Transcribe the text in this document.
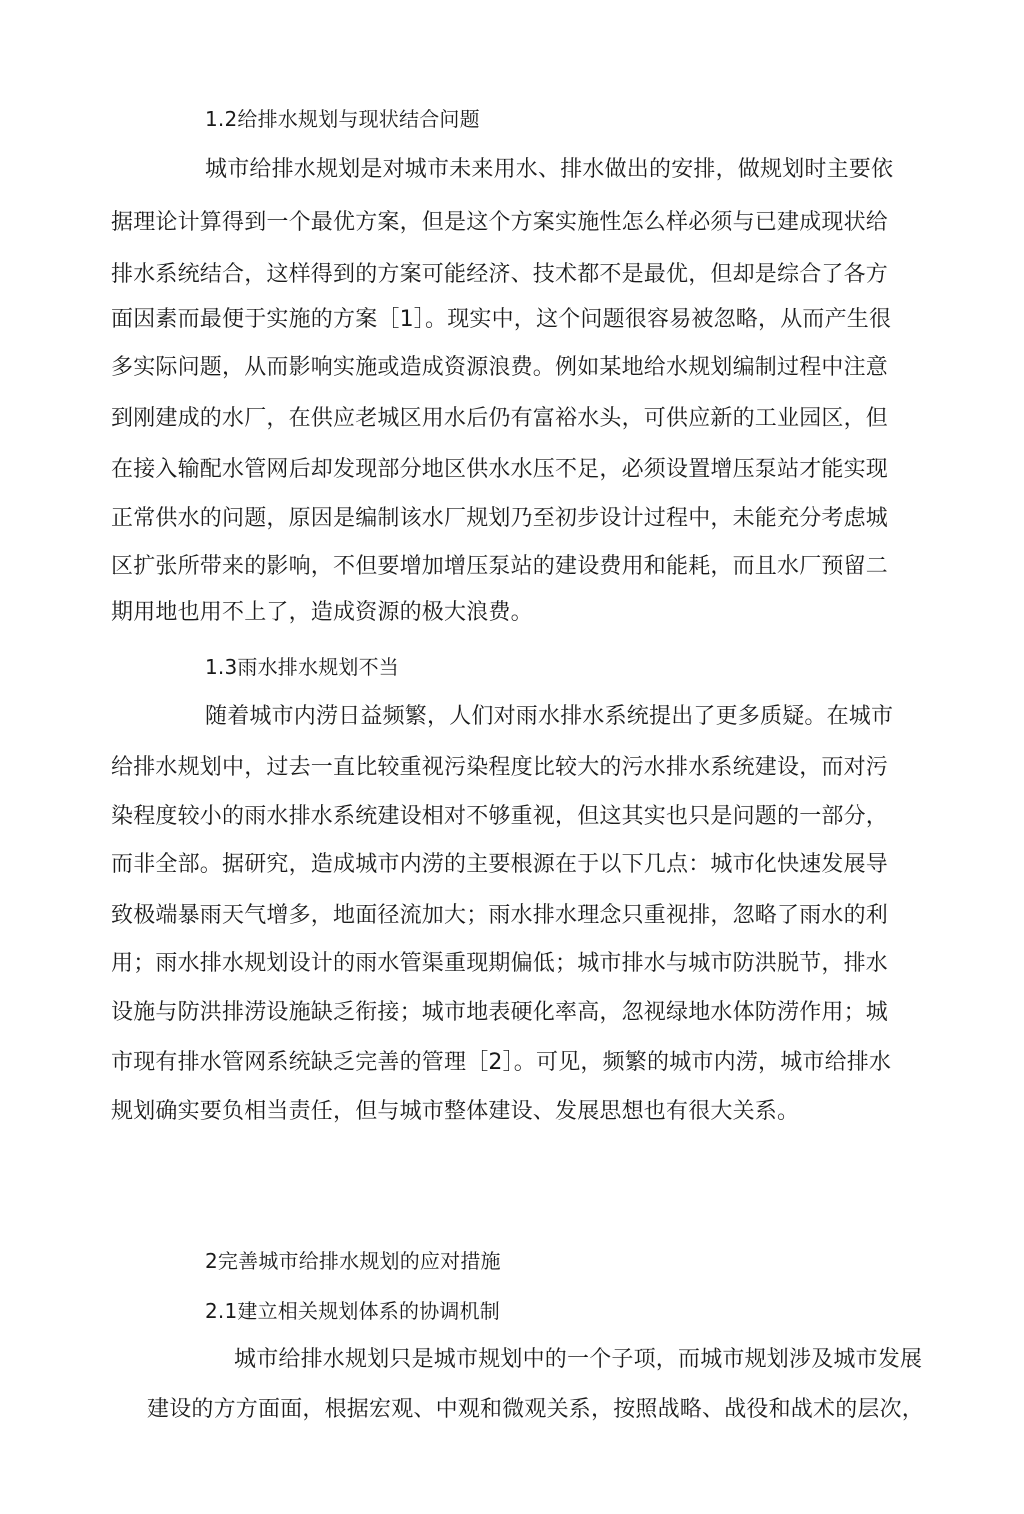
1.2给排水规划与现状结合问题
城市给排水规划是对城市未来用水、排水做出的安排，做规划时主要依
据理论计算得到一个最优方案，但是这个方案实施性怎么样必须与已建成现状给
排水系统结合，这样得到的方案可能经济、技术都不是最优，但却是综合了各方
面因素而最便于实施的方案［1］。现实中，这个问题很容易被忽略，从而产生很
多实际问题，从而影响实施或造成资源浪费。例如某地给水规划编制过程中注意
到刚建成的水厂，在供应老城区用水后仍有富裕水头，可供应新的工业园区，但
在接入输配水管网后却发现部分地区供水水压不足，必须设置增压泵站才能实现
正常供水的问题，原因是编制该水厂规划乃至初步设计过程中，未能充分考虑城
区扩张所带来的影响，不但要增加增压泵站的建设费用和能耗，而且水厂预留二
期用地也用不上了，造成资源的极大浪费。
1.3雨水排水规划不当
随着城市内涝日益频繁，人们对雨水排水系统提出了更多质疑。在城市
给排水规划中，过去一直比较重视污染程度比较大的污水排水系统建设，而对污
染程度较小的雨水排水系统建设相对不够重视，但这其实也只是问题的一部分，
而非全部。据研究，造成城市内涝的主要根源在于以下几点：城市化快速发展导
致极端暴雨天气增多，地面径流加大；雨水排水理念只重视排，忽略了雨水的利
用；雨水排水规划设计的雨水管渠重现期偏低；城市排水与城市防洪脱节，排水
设施与防洪排涝设施缺乏衔接；城市地表硬化率高，忽视绿地水体防涝作用；城
市现有排水管网系统缺乏完善的管理［2］。可见，频繁的城市内涝，城市给排水
规划确实要负相当责任，但与城市整体建设、发展思想也有很大关系。
2完善城市给排水规划的应对措施
2.1建立相关规划体系的协调机制
城市给排水规划只是城市规划中的一个子项，而城市规划涉及城市发展
建设的方方面面，根据宏观、中观和微观关系，按照战略、战役和战术的层次，
